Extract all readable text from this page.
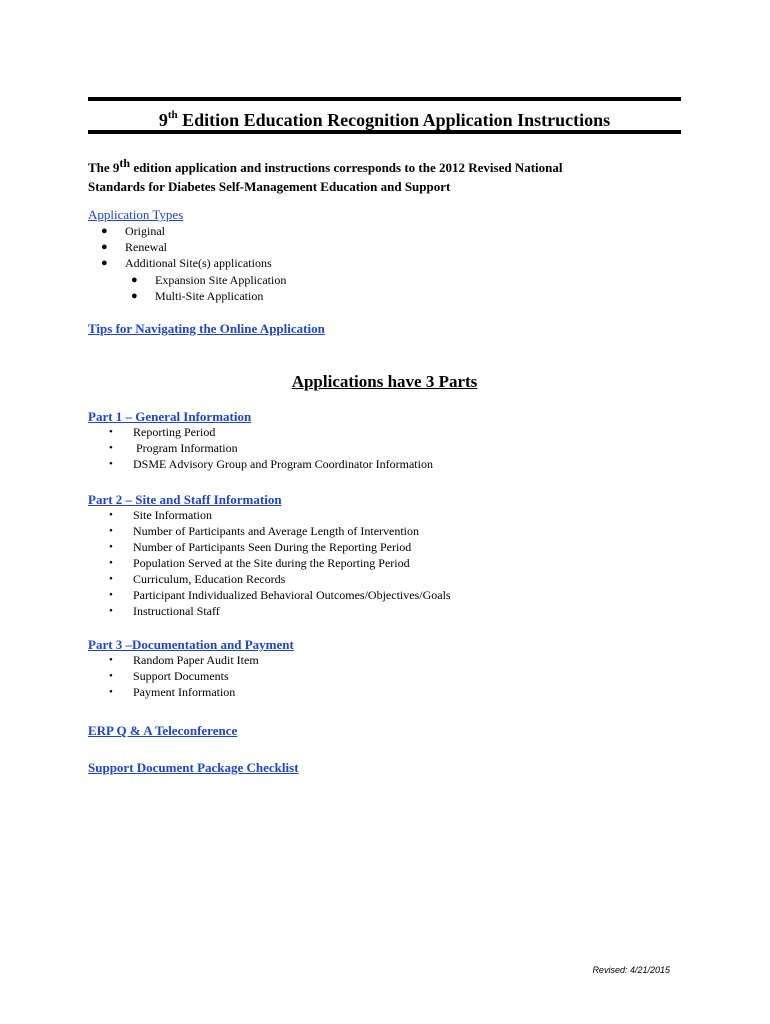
9th Edition Education Recognition Application Instructions
The 9th edition application and instructions corresponds to the 2012 Revised National
Standards for Diabetes Self-Management Education and Support
Application Types
● Original
● Renewal
● Additional Site(s) applications
● Expansion Site Application
● Multi-Site Application
Tips for Navigating the Online Application
Applications have 3 Parts
Part 1 – General Information
• Reporting Period
• Program Information
• DSME Advisory Group and Program Coordinator Information
Part 2 – Site and Staff Information
• Site Information
• Number of Participants and Average Length of Intervention
• Number of Participants Seen During the Reporting Period
• Population Served at the Site during the Reporting Period
• Curriculum, Education Records
• Participant Individualized Behavioral Outcomes/Objectives/Goals
• Instructional Staff
Part 3 –Documentation and Payment
• Random Paper Audit Item
• Support Documents
• Payment Information
ERP Q & A Teleconference
Support Document Package Checklist
Revised: 4/21/2015
